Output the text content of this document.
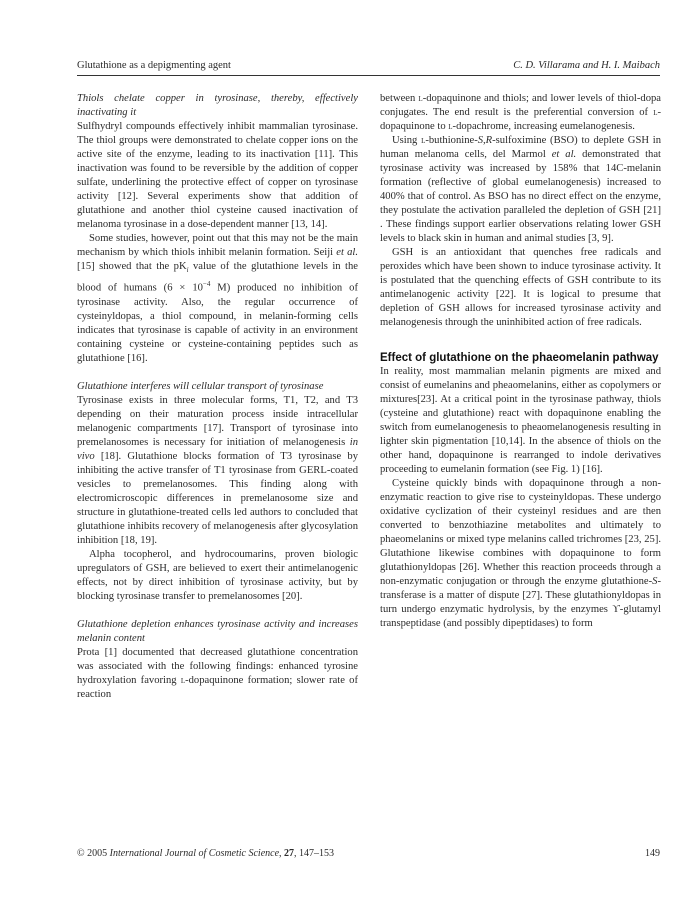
Glutathione as a depigmenting agent	C. D. Villarama and H. I. Maibach

Thiols chelate copper in tyrosinase, thereby, effectively inactivating it

Sulfhydryl compounds effectively inhibit mammalian tyrosinase. The thiol groups were demonstrated to chelate copper ions on the active site of the enzyme, leading to its inactivation [11]. This inactivation was found to be reversible by the addition of copper sulfate, underlining the protective effect of copper on tyrosinase activity [12]. Several experiments show that addition of glutathione and another thiol cysteine caused inactivation of melanoma tyrosinase in a dose-dependent manner [13, 14].

Some studies, however, point out that this may not be the main mechanism by which thiols inhibit melanin formation. Seiji et al. [15] showed that the $pK_i$ value of the glutathione levels in the blood of humans ($6 \times 10^{-4}$ M) produced no inhibition of tyrosinase activity. Also, the regular occurrence of cysteinyldopas, a thiol compound, in melanin-forming cells indicates that tyrosinase is capable of activity in an environment containing cysteine or cysteine-containing peptides such as glutathione [16].

Glutathione interferes will cellular transport of tyrosinase

Tyrosinase exists in three molecular forms, T1, T2, and T3 depending on their maturation process inside intracellular melanogenic compartments [17]. Transport of tyrosinase into premelanosomes is necessary for initiation of melanogenesis in vivo [18]. Glutathione blocks formation of T3 tyrosinase by inhibiting the active transfer of T1 tyrosinase from GERL-coated vesicles to premelanosomes. This finding along with electromicroscopic differences in premelanosome size and structure in glutathione-treated cells led authors to concluded that glutathione inhibits recovery of melanogenesis after glycosylation inhibition [18, 19].

Alpha tocopherol, and hydrocoumarins, proven biologic upregulators of GSH, are believed to exert their antimelanogenic effects, not by direct inhibition of tyrosinase activity, but by blocking tyrosinase transfer to premelanosomes [20].

Glutathione depletion enhances tyrosinase activity and increases melanin content

Prota [1] documented that decreased glutathione concentration was associated with the following findings: enhanced tyrosine hydroxylation favoring l-dopaquinone formation; slower rate of reaction

between l-dopaquinone and thiols; and lower levels of thiol-dopa conjugates. The end result is the preferential conversion of l-dopaquinone to l-dopachrome, increasing eumelanogenesis.

Using l-buthionine-S,R-sulfoximine (BSO) to deplete GSH in human melanoma cells, del Marmol et al. demonstrated that tyrosinase activity was increased by 158% that 14C-melanin formation (reflective of global eumelanogenesis) increased to 400% that of control. As BSO has no direct effect on the enzyme, they postulate the activation paralleled the depletion of GSH [21] . These findings support earlier observations relating lower GSH levels to black skin in human and animal studies [3, 9].

GSH is an antioxidant that quenches free radicals and peroxides which have been shown to induce tyrosinase activity. It is postulated that the quenching effects of GSH contribute to its antimelanogenic activity [22]. It is logical to presume that depletion of GSH allows for increased tyrosinase activity and melanogenesis through the uninhibited action of free radicals.

Effect of glutathione on the phaeomelanin pathway

In reality, most mammalian melanin pigments are mixed and consist of eumelanins and pheaomelanins, either as copolymers or mixtures[23]. At a critical point in the tyrosinase pathway, thiols (cysteine and glutathione) react with dopaquinone enabling the switch from eumelanogenesis to pheaomelanogenesis resulting in lighter skin pigmentation [10,14]. In the absence of thiols on the other hand, dopaquinone is rearranged to indole derivatives proceeding to eumelanin formation (see Fig. 1) [16].

Cysteine quickly binds with dopaquinone through a non-enzymatic reaction to give rise to cysteinyldopas. These undergo oxidative cyclization of their cysteinyl residues and are then converted to benzothiazine metabolites and ultimately to phaeomelanins or mixed type melanins called trichromes [23, 25]. Glutathione likewise combines with dopaquinone to form glutathionyldopas [26]. Whether this reaction proceeds through a non-enzymatic conjugation or through the enzyme glutathione-S-transferase is a matter of dispute [27]. These glutathionyldopas in turn undergo enzymatic hydrolysis, by the enzymes ϒ-glutamyl transpeptidase (and possibly dipeptidases) to form

© 2005 International Journal of Cosmetic Science, 27, 147–153	149
